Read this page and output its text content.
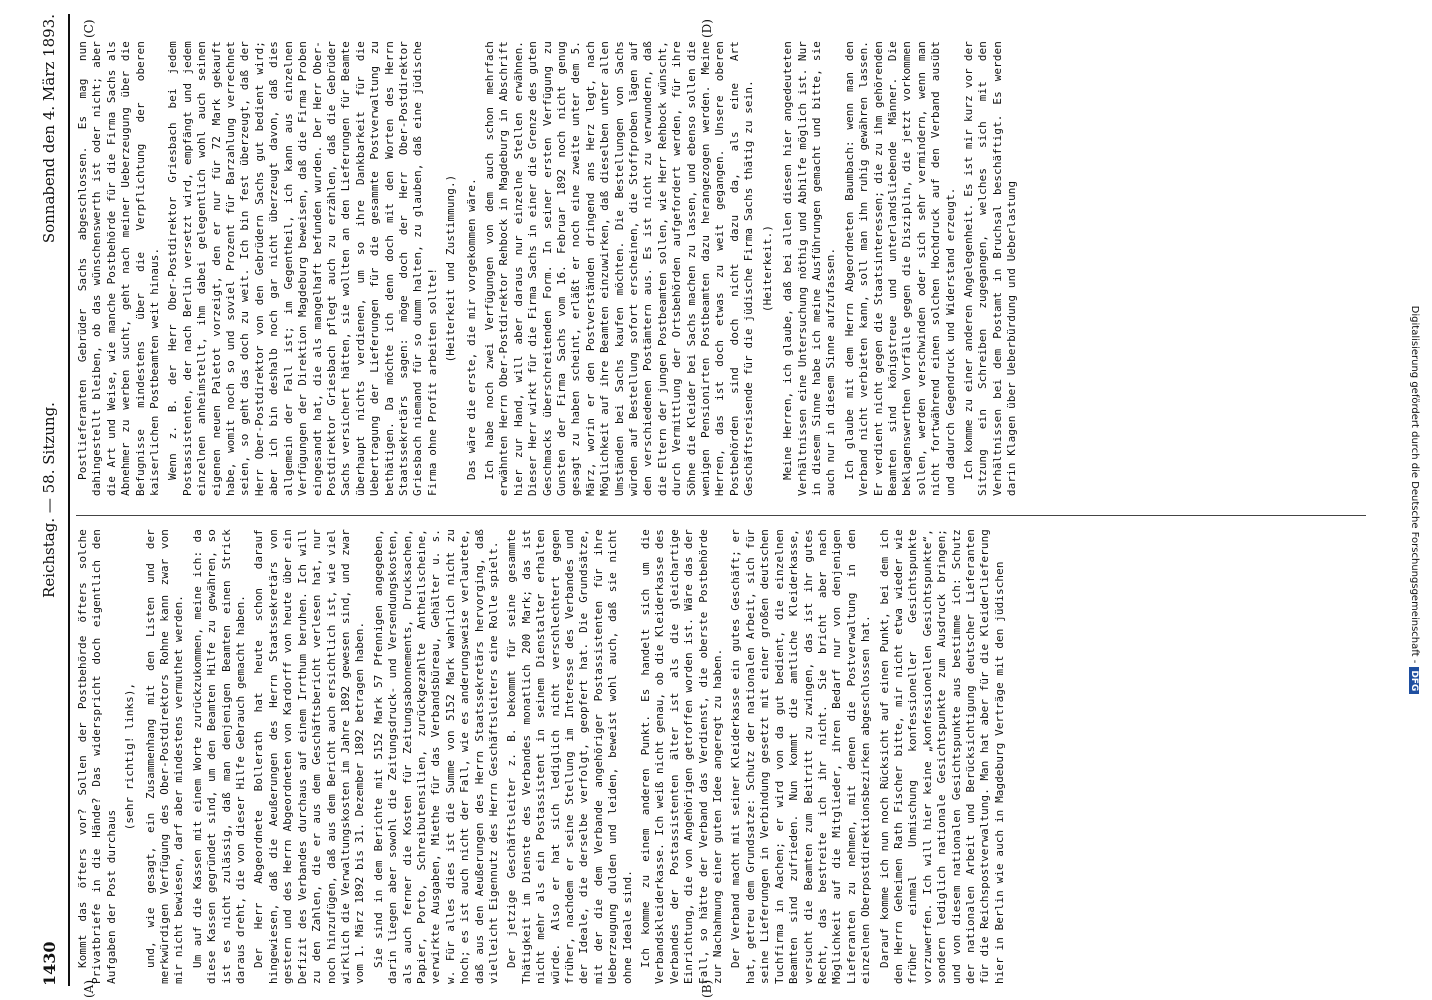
1430
Reichstag. — 58. Sitzung.
Sonnabend den 4. März 1893.
(A)	(B)
(C)	(D)

Kommt das öfters vor? Sollen der Postbehörde öfters solche Privatbriefe in die Hände? Das widerspricht doch eigentlich den Aufgaben der Post durchaus

(sehr richtig! links), und, wie gesagt, ein Zusammenhang mit den Listen und der merkwürdigen Verfügung des Ober-Postdirektors Rohne kann zwar von mir nicht bewiesen, darf aber mindestens vermuthet werden. Um auf die Kassen mit einem Worte zurückzukommen, meine ich: da diese Kassen gegründet sind, um den Beamten Hilfe zu gewähren, so ist es nicht zulässig, daß man denjenigen Beamten einen Strick daraus dreht, die von dieser Hilfe Gebrauch gemacht haben. Der Herr Abgeordnete Bollerath hat heute schon darauf hingewiesen, daß die Aeußerungen des Herrn Staatssekretärs von gestern und des Herrn Abgeordneten von Kardorff von heute über ein Defizit des Verbandes durchaus auf einem Irrthum beruhen. Ich will zu den Zahlen, die er aus dem Geschäftsbericht verlesen hat, nur noch hinzufügen, daß aus dem Bericht auch ersichtlich ist, wie viel wirklich die Verwaltungskosten im Jahre 1892 gewesen sind, und zwar vom 1. März 1892 bis 31. Dezember 1892 betragen haben. Sie sind in dem Berichte mit 5152 Mark 57 Pfennigen angegeben, darin liegen aber sowohl die Zeitungsdruck- und Versendungskosten, als auch ferner die Kosten für Zeitungsabonnements, Drucksachen, Papier, Porto, Schreibutensilien, zurückgezahlte Antheilscheine, verwirkte Ausgaben, Miethe für das Verbandsbüreau, Gehälter u. s. w. Für alles dies ist die Summe von 5152 Mark wahrlich nicht zu hoch; es ist auch nicht der Fall, wie es anderungsweise verlautete, daß aus den Aeußerungen des Herrn Staatssekretärs hervorging, daß vielleicht Eigennutz des Herrn Geschäftsleiters eine Rolle spielt. Der jetzige Geschäftsleiter z. B. bekommt für seine gesammte Thätigkeit im Dienste des Verbandes monatlich 200 Mark; das ist nicht mehr als ein Postassistent in seinem Dienstalter erhalten würde. Also er hat sich lediglich nicht verschlechtert gegen früher, nachdem er seine Stellung im Interesse des Verbandes und der Ideale, die derselbe verfolgt, geopfert hat. Die Grundsätze, mit der die dem Verbande angehöriger Postassistenten für ihre Ueberzeugung dulden und leiden, beweist wohl auch, daß sie nicht ohne Ideale sind. Ich komme zu einem anderen Punkt. Es handelt sich um die Verbandskleiderkasse. Ich weiß nicht genau, ob die Kleiderkasse des Verbandes der Postassistenten älter ist als die gleichartige Einrichtung, die von Angehörigen getroffen worden ist. Wäre das der Fall, so hätte der Verband das Verdienst, die oberste Postbehörde zur Nachahmung einer guten Idee angeregt zu haben. Der Verband macht mit seiner Kleiderkasse ein gutes Geschäft; er hat, getreu dem Grundsatze: Schutz der nationalen Arbeit, sich für seine Lieferungen in Verbindung gesetzt mit einer großen deutschen Tuchfirma in Aachen; er wird von da gut bedient, die einzelnen Beamten sind zufrieden. Nun kommt die amtliche Kleiderkasse, versucht die Beamten zum Beitritt zu zwingen, das ist ihr gutes Recht, das bestreite ich ihr nicht. Sie bricht aber nach Möglichkeit auf die Mitglieder, ihren Bedarf nur von denjenigen Lieferanten zu nehmen, mit denen die Postverwaltung in den einzelnen Oberpostdirektionsbezirken abgeschlossen hat. Darauf komme ich nun noch Rücksicht auf einen Punkt, bei dem ich den Herrn Geheimen Rath Fischer bitte, mir nicht etwa wieder wie früher einmal Unmischung konfessioneller Gesichtspunkte vorzuwerfen. Ich will hier keine „konfessionellen Gesichtspunkte“, sondern lediglich nationale Gesichtspunkte zum Ausdruck bringen; und von diesem nationalen Gesichtspunkte aus bestimme ich: Schutz der nationalen Arbeit und Berücksichtigung deutscher Lieferanten für die Reichspostverwaltung. Man hat aber für die Kleiderlieferung hier in Berlin wie auch in Magdeburg Verträge mit den jüdischen

Postlieferanten Gebrüder Sachs abgeschlossen. Es mag nun dahingestellt bleiben, ob das wünschenswerth ist oder nicht; aber die Art und Weise, wie manche Postbehörde für die Firma Sachs als Abnehmer zu werben sucht, geht nach meiner Ueberzeugung über die Befugnisse mindestens über die Verpflichtung der oberen kaiserlichen Postbeamten weit hinaus. Wenn z. B. der Herr Ober-Postdirektor Griesbach bei jedem Postassistenten, der nach Berlin versetzt wird, empfängt und jedem einzelnen anheimstellt, ihm dabei gelegentlich wohl auch seinen eigenen neuen Paletot vorzeigt, den er nur für 72 Mark gekauft habe, womit noch so und soviel Prozent für Barzahlung verrechnet seien, so geht das doch zu weit. Ich bin fest überzeugt, daß der Herr Ober-Postdirektor von den Gebrüdern Sachs gut bedient wird; aber ich bin deshalb noch gar nicht überzeugt davon, daß dies allgemein der Fall ist; im Gegentheil, ich kann aus einzelnen Verfügungen der Direktion Magdeburg beweisen, daß die Firma Proben eingesandt hat, die als mangelhaft befunden wurden. Der Herr Ober-Postdirektor Griesbach pflegt auch zu erzählen, daß die Gebrüder Sachs versichert hätten, sie wollten an den Lieferungen für Beamte überhaupt nichts verdienen, um so ihre Dankbarkeit für die Uebertragung der Lieferungen für die gesammte Postverwaltung zu bethätigen. Da möchte ich denn doch mit den Worten des Herrn Staatssekretärs sagen: möge doch der Herr Ober-Postdirektor Griesbach niemand für so dumm halten, zu glauben, daß eine jüdische Firma ohne Profit arbeiten sollte! (Heiterkeit und Zustimmung.) Das wäre die erste, die mir vorgekommen wäre. Ich habe noch zwei Verfügungen von dem auch schon mehrfach erwähnten Herrn Ober-Postdirektor Rehbock in Magdeburg in Abschrift hier zur Hand, will aber daraus nur einzelne Stellen erwähnen. Dieser Herr wirkt für die Firma Sachs in einer die Grenze des guten Geschmacks überschreitenden Form. In seiner ersten Verfügung zu Gunsten der Firma Sachs vom 16. Februar 1892 noch nicht genug gesagt zu haben scheint, erläßt er noch eine zweite unter dem 5. März, worin er den Postverständen dringend ans Herz legt, nach Möglichkeit auf ihre Beamten einzuwirken, daß dieselben unter allen Umständen bei Sachs kaufen möchten. Die Bestellungen von Sachs würden auf Bestellung sofort erscheinen, die Stoffproben lägen auf den verschiedenen Postämtern aus. Es ist nicht zu verwundern, daß die Eltern der jungen Postbeamten sollen, wie Herr Rehbock wünscht, durch Vermittlung der Ortsbehörden aufgefordert werden, für ihre Söhne die Kleider bei Sachs machen zu lassen, und ebenso sollen die wenigen Pensionirten Postbeamten dazu herangezogen werden. Meine Herren, das ist doch etwas zu weit gegangen. Unsere oberen Postbehörden sind doch nicht dazu da, als eine Art Geschäftsreisende für die jüdische Firma Sachs thätig zu sein. (Heiterkeit.) Meine Herren, ich glaube, daß bei allen diesen hier angedeuteten Verhältnissen eine Untersuchung nöthig und Abhilfe möglich ist. Nur in diesem Sinne habe ich meine Ausführungen gemacht und bitte, sie auch nur in diesem Sinne aufzufassen. Ich glaube mit dem Herrn Abgeordneten Baumbach: wenn man den Verband nicht verbieten kann, soll man ihn ruhig gewähren lassen. Er verdient nicht gegen die Staatsinteressen; die zu ihm gehörenden Beamten sind königstreue und unterlandsliebende Männer. Die beklagenswerthen Vorfälle gegen die Disziplin, die jetzt vorkommen sollen, werden verschwinden oder sich sehr vermindern, wenn man nicht fortwährend einen solchen Hochdruck auf den Verband ausübt und dadurch Gegendruck und Widerstand erzeugt. Ich komme zu einer anderen Angelegenheit. Es ist mir kurz vor der Sitzung ein Schreiben zugegangen, welches sich mit den Verhältnissen bei dem Postamt in Bruchsal beschäftigt. Es werden darin Klagen über Ueberbürdung und Ueberlastung	Digitalisierung gefördert durch die Deutsche Forschungsgemeinschaft -DFG
